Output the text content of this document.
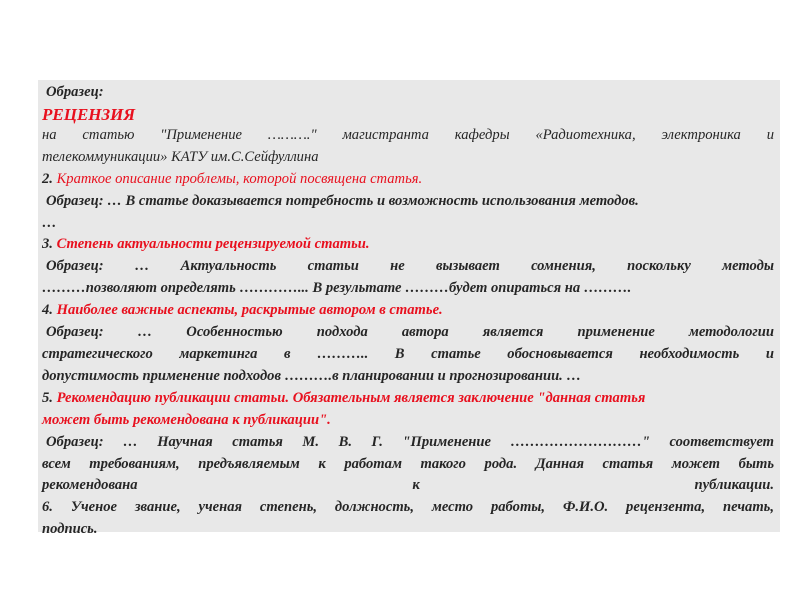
Образец:

РЕЦЕНЗИЯ

на статью "Применение ………." магистранта кафедры «Радиотехника, электроника и

телекоммуникации» КАТУ им.С.Сейфуллина

2. Краткое описание проблемы, которой посвящена статья.

Образец: … В статье доказывается потребность и возможность использования методов.

…

3. Степень актуальности рецензируемой статьи.

Образец: … Актуальность статьи не вызывает сомнения, поскольку методы

………позволяют определять …………... В результате ………будет опираться на ……….

4. Наиболее важные аспекты, раскрытые автором в статье.

Образец: … Особенностью подхода автора является применение методологии

стратегического маркетинга в ……….. В статье обосновывается необходимость и

допустимость применение подходов ……….в планировании и прогнозировании. …

5. Рекомендацию публикации статьи. Обязательным является заключение "данная статья

может быть рекомендована к публикации".

Образец: … Научная статья М. В. Г. "Применение ………………………" соответствует

всем требованиям, предъявляемым к работам такого рода. Данная статья может быть

рекомендована к публикации.

6. Ученое звание, ученая степень, должность, место работы, Ф.И.О. рецензента, печать,

подпись.
